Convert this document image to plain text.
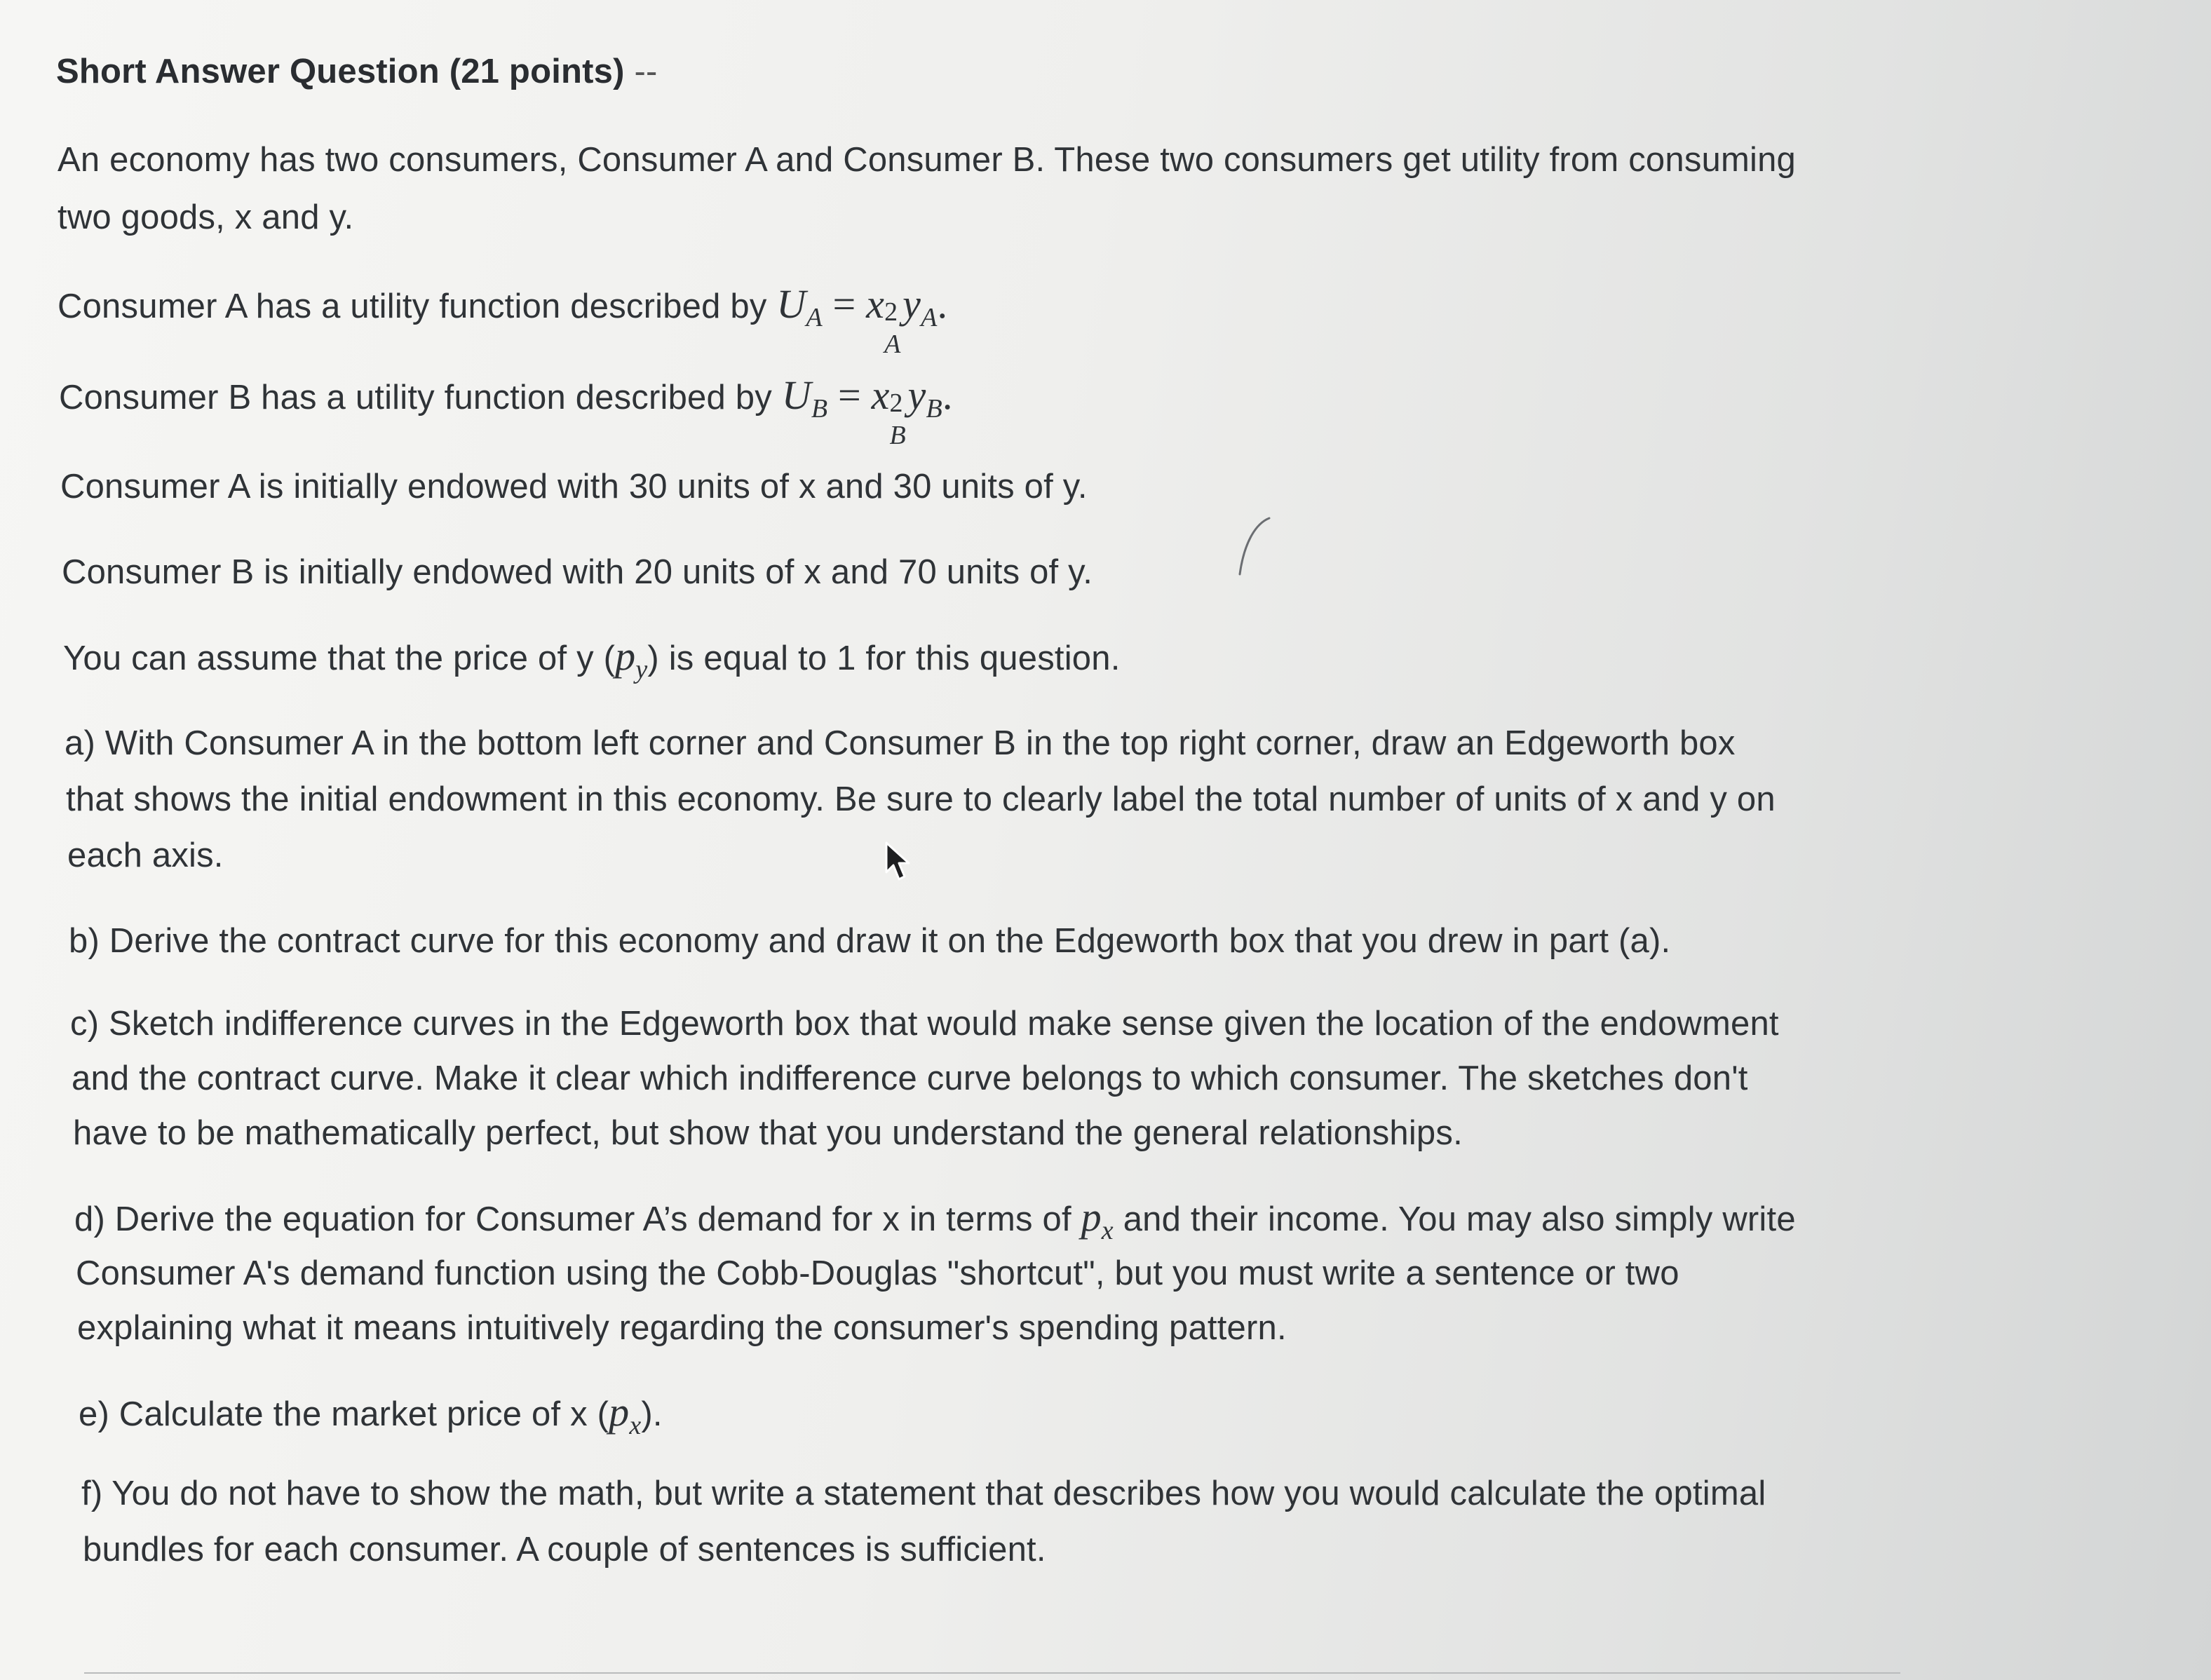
Short Answer Question (21 points) --
An economy has two consumers, Consumer A and Consumer B. These two consumers get utility from consuming
two goods, x and y.
Consumer A has a utility function described by $U_A = x$ 2
A
$y_A$.
Consumer B has a utility function described by $U_B = x$ 2
B
$y_B$.
Consumer A is initially endowed with 30 units of x and 30 units of y.
Consumer B is initially endowed with 20 units of x and 70 units of y.
You can assume that the price of y $(p_y)$ is equal to 1 for this question.
a) With Consumer A in the bottom left corner and Consumer B in the top right corner, draw an Edgeworth box
that shows the initial endowment in this economy. Be sure to clearly label the total number of units of x and y on
each axis.
b) Derive the contract curve for this economy and draw it on the Edgeworth box that you drew in part (a).
c) Sketch indifference curves in the Edgeworth box that would make sense given the location of the endowment
and the contract curve. Make it clear which indifference curve belongs to which consumer. The sketches don't
have to be mathematically perfect, but show that you understand the general relationships.
d) Derive the equation for Consumer A’s demand for x in terms of $p_x$ and their income. You may also simply write
Consumer A's demand function using the Cobb-Douglas "shortcut", but you must write a sentence or two
explaining what it means intuitively regarding the consumer's spending pattern.
e) Calculate the market price of x $(p_x)$.
f) You do not have to show the math, but write a statement that describes how you would calculate the optimal
bundles for each consumer. A couple of sentences is sufficient.
